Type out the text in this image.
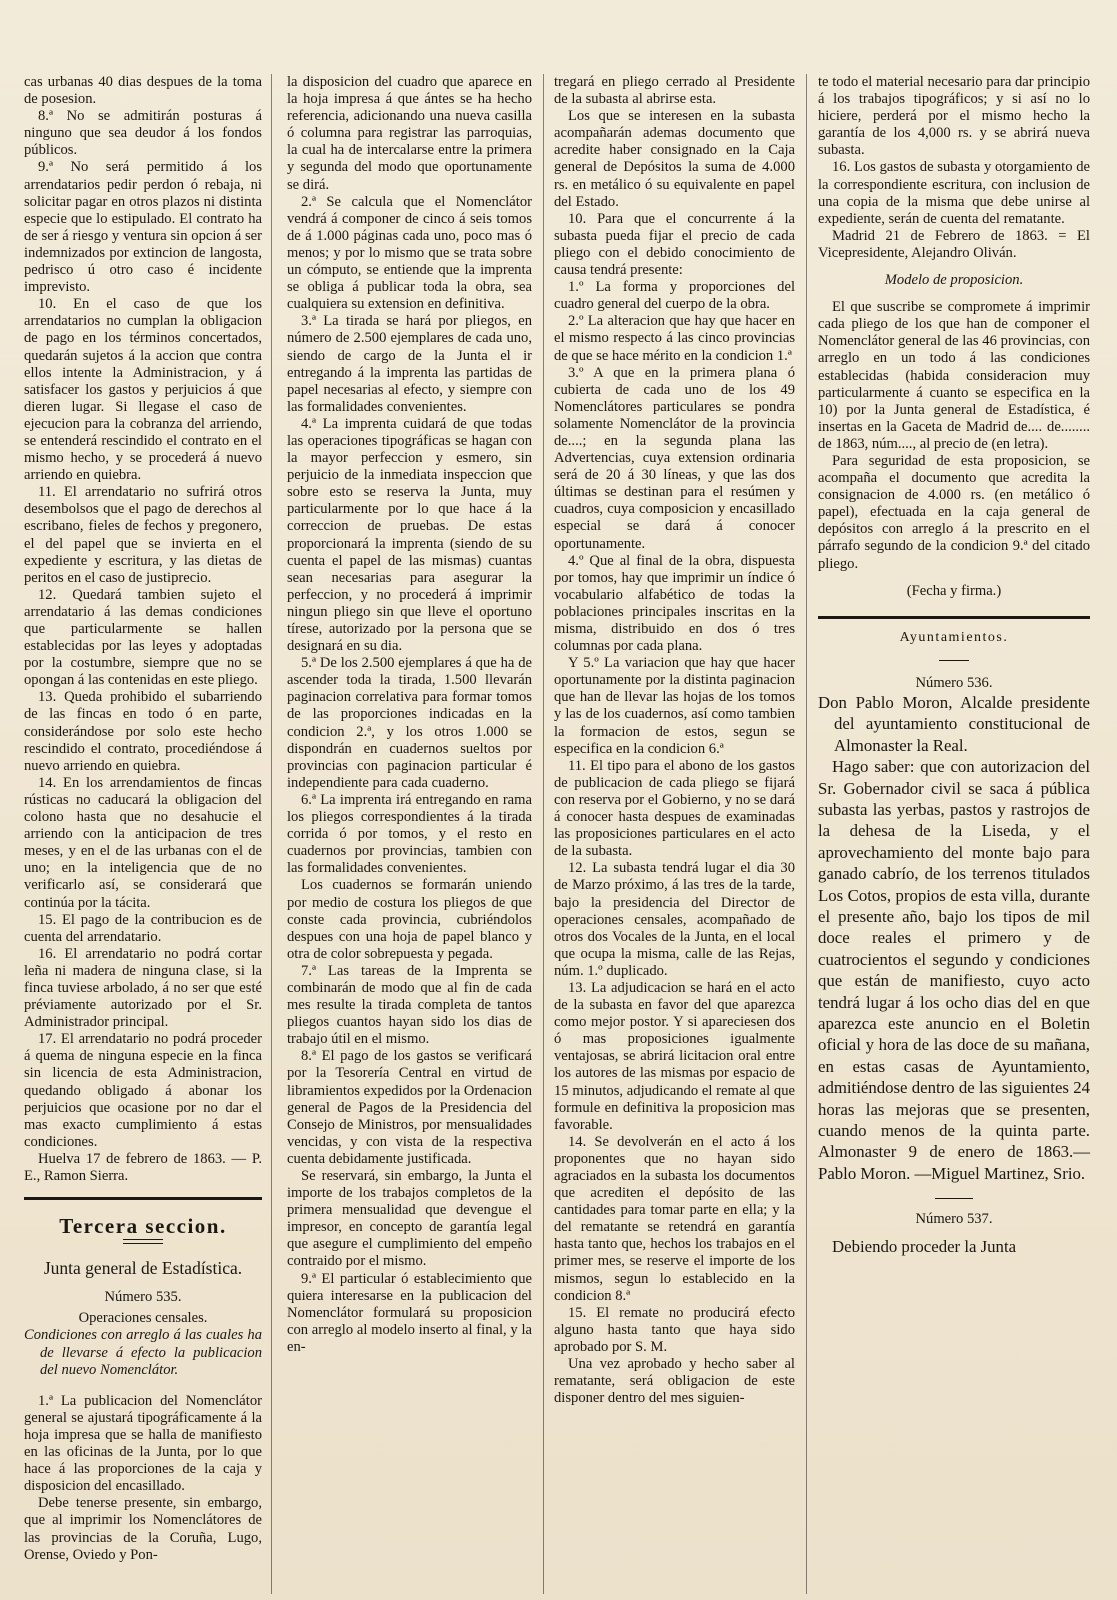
cas urbanas 40 dias despues de la toma de posesion.

8.ª No se admitirán posturas á ninguno que sea deudor á los fondos públicos.

9.ª No será permitido á los arrendatarios pedir perdon ó rebaja, ni solicitar pagar en otros plazos ni distinta especie que lo estipulado. El contrato ha de ser á riesgo y ventura sin opcion á ser indemnizados por extincion de langosta, pedrisco ú otro caso é incidente imprevisto.

10. En el caso de que los arrendatarios no cumplan la obligacion de pago en los términos concertados, quedarán sujetos á la accion que contra ellos intente la Administracion, y á satisfacer los gastos y perjuicios á que dieren lugar. Si llegase el caso de ejecucion para la cobranza del arriendo, se entenderá rescindido el contrato en el mismo hecho, y se procederá á nuevo arriendo en quiebra.

11. El arrendatario no sufrirá otros desembolsos que el pago de derechos al escribano, fieles de fechos y pregonero, el del papel que se invierta en el expediente y escritura, y las dietas de peritos en el caso de justiprecio.

12. Quedará tambien sujeto el arrendatario á las demas condiciones que particularmente se hallen establecidas por las leyes y adoptadas por la costumbre, siempre que no se opongan á las contenidas en este pliego.

13. Queda prohibido el subarriendo de las fincas en todo ó en parte, considerándose por solo este hecho rescindido el contrato, procediéndose á nuevo arriendo en quiebra.

14. En los arrendamientos de fincas rústicas no caducará la obligacion del colono hasta que no desahucie el arriendo con la anticipacion de tres meses, y en el de las urbanas con el de uno; en la inteligencia que de no verificarlo así, se considerará que continúa por la tácita.

15. El pago de la contribucion es de cuenta del arrendatario.

16. El arrendatario no podrá cortar leña ni madera de ninguna clase, si la finca tuviese arbolado, á no ser que esté préviamente autorizado por el Sr. Administrador principal.

17. El arrendatario no podrá proceder á quema de ninguna especie en la finca sin licencia de esta Administracion, quedando obligado á abonar los perjuicios que ocasione por no dar el mas exacto cumplimiento á estas condiciones.

Huelva 17 de febrero de 1863. — P. E., Ramon Sierra.

Tercera seccion.
Junta general de Estadística.
Número 535.
Operaciones censales.

Condiciones con arreglo á las cuales ha de llevarse á efecto la publicacion del nuevo Nomenclátor.

1.ª La publicacion del Nomenclátor general se ajustará tipográficamente á la hoja impresa que se halla de manifiesto en las oficinas de la Junta, por lo que hace á las proporciones de la caja y disposicion del encasillado.

Debe tenerse presente, sin embargo, que al imprimir los Nomenclátores de las provincias de la Coruña, Lugo, Orense, Oviedo y Pon-

la disposicion del cuadro que aparece en la hoja impresa á que ántes se ha hecho referencia, adicionando una nueva casilla ó columna para registrar las parroquias, la cual ha de intercalarse entre la primera y segunda del modo que oportunamente se dirá.

2.ª Se calcula que el Nomenclátor vendrá á componer de cinco á seis tomos de á 1.000 páginas cada uno, poco mas ó menos; y por lo mismo que se trata sobre un cómputo, se entiende que la imprenta se obliga á publicar toda la obra, sea cualquiera su extension en definitiva.

3.ª La tirada se hará por pliegos, en número de 2.500 ejemplares de cada uno, siendo de cargo de la Junta el ir entregando á la imprenta las partidas de papel necesarias al efecto, y siempre con las formalidades convenientes.

4.ª La imprenta cuidará de que todas las operaciones tipográficas se hagan con la mayor perfeccion y esmero, sin perjuicio de la inmediata inspeccion que sobre esto se reserva la Junta, muy particularmente por lo que hace á la correccion de pruebas. De estas proporcionará la imprenta (siendo de su cuenta el papel de las mismas) cuantas sean necesarias para asegurar la perfeccion, y no procederá á imprimir ningun pliego sin que lleve el oportuno tírese, autorizado por la persona que se designará en su dia.

5.ª De los 2.500 ejemplares á que ha de ascender toda la tirada, 1.500 llevarán paginacion correlativa para formar tomos de las proporciones indicadas en la condicion 2.ª, y los otros 1.000 se dispondrán en cuadernos sueltos por provincias con paginacion particular é independiente para cada cuaderno.

6.ª La imprenta irá entregando en rama los pliegos correspondientes á la tirada corrida ó por tomos, y el resto en cuadernos por provincias, tambien con las formalidades convenientes.

Los cuadernos se formarán uniendo por medio de costura los pliegos de que conste cada provincia, cubriéndolos despues con una hoja de papel blanco y otra de color sobrepuesta y pegada.

7.ª Las tareas de la Imprenta se combinarán de modo que al fin de cada mes resulte la tirada completa de tantos pliegos cuantos hayan sido los dias de trabajo útil en el mismo.

8.ª El pago de los gastos se verificará por la Tesorería Central en virtud de libramientos expedidos por la Ordenacion general de Pagos de la Presidencia del Consejo de Ministros, por mensualidades vencidas, y con vista de la respectiva cuenta debidamente justificada.

Se reservará, sin embargo, la Junta el importe de los trabajos completos de la primera mensualidad que devengue el impresor, en concepto de garantía legal que asegure el cumplimiento del empeño contraido por el mismo.

9.ª El particular ó establecimiento que quiera interesarse en la publicacion del Nomenclátor formulará su proposicion con arreglo al modelo inserto al final, y la en-

tregará en pliego cerrado al Presidente de la subasta al abrirse esta.

Los que se interesen en la subasta acompañarán ademas documento que acredite haber consignado en la Caja general de Depósitos la suma de 4.000 rs. en metálico ó su equivalente en papel del Estado.

10. Para que el concurrente á la subasta pueda fijar el precio de cada pliego con el debido conocimiento de causa tendrá presente:

1.º La forma y proporciones del cuadro general del cuerpo de la obra.

2.º La alteracion que hay que hacer en el mismo respecto á las cinco provincias de que se hace mérito en la condicion 1.ª

3.º A que en la primera plana ó cubierta de cada uno de los 49 Nomenclátores particulares se pondra solamente Nomenclátor de la provincia de....; en la segunda plana las Advertencias, cuya extension ordinaria será de 20 á 30 líneas, y que las dos últimas se destinan para el resúmen y cuadros, cuya composicion y encasillado especial se dará á conocer oportunamente.

4.º Que al final de la obra, dispuesta por tomos, hay que imprimir un índice ó vocabulario alfabético de todas la poblaciones principales inscritas en la misma, distribuido en dos ó tres columnas por cada plana.

Y 5.º La variacion que hay que hacer oportunamente por la distinta paginacion que han de llevar las hojas de los tomos y las de los cuadernos, así como tambien la formacion de estos, segun se especifica en la condicion 6.ª

11. El tipo para el abono de los gastos de publicacion de cada pliego se fijará con reserva por el Gobierno, y no se dará á conocer hasta despues de examinadas las proposiciones particulares en el acto de la subasta.

12. La subasta tendrá lugar el dia 30 de Marzo próximo, á las tres de la tarde, bajo la presidencia del Director de operaciones censales, acompañado de otros dos Vocales de la Junta, en el local que ocupa la misma, calle de las Rejas, núm. 1.º duplicado.

13. La adjudicacion se hará en el acto de la subasta en favor del que aparezca como mejor postor. Y si apareciesen dos ó mas proposiciones igualmente ventajosas, se abrirá licitacion oral entre los autores de las mismas por espacio de 15 minutos, adjudicando el remate al que formule en definitiva la proposicion mas favorable.

14. Se devolverán en el acto á los proponentes que no hayan sido agraciados en la subasta los documentos que acrediten el depósito de las cantidades para tomar parte en ella; y la del rematante se retendrá en garantía hasta tanto que, hechos los trabajos en el primer mes, se reserve el importe de los mismos, segun lo establecido en la condicion 8.ª

15. El remate no producirá efecto alguno hasta tanto que haya sido aprobado por S. M.

Una vez aprobado y hecho saber al rematante, será obligacion de este disponer dentro del mes siguien-

te todo el material necesario para dar principio á los trabajos tipográficos; y si así no lo hiciere, perderá por el mismo hecho la garantía de los 4,000 rs. y se abrirá nueva subasta.

16. Los gastos de subasta y otorgamiento de la correspondiente escritura, con inclusion de una copia de la misma que debe unirse al expediente, serán de cuenta del rematante.

Madrid 21 de Febrero de 1863. = El Vicepresidente, Alejandro Oliván.

Modelo de proposicion.

El que suscribe se compromete á imprimir cada pliego de los que han de componer el Nomenclátor general de las 46 provincias, con arreglo en un todo á las condiciones establecidas (habida consideracion muy particularmente á cuanto se especifica en la 10) por la Junta general de Estadística, é insertas en la Gaceta de Madrid de.... de........ de 1863, núm...., al precio de (en letra).

Para seguridad de esta proposicion, se acompaña el documento que acredita la consignacion de 4.000 rs. (en metálico ó papel), efectuada en la caja general de depósitos con arreglo á la prescrito en el párrafo segundo de la condicion 9.ª del citado pliego.

(Fecha y firma.)

Ayuntamientos.
Número 536.

Don Pablo Moron, Alcalde presidente del ayuntamiento constitucional de Almonaster la Real.

Hago saber: que con autorizacion del Sr. Gobernador civil se saca á pública subasta las yerbas, pastos y rastrojos de la dehesa de la Liseda, y el aprovechamiento del monte bajo para ganado cabrío, de los terrenos titulados Los Cotos, propios de esta villa, durante el presente año, bajo los tipos de mil doce reales el primero y de cuatrocientos el segundo y condiciones que están de manifiesto, cuyo acto tendrá lugar á los ocho dias del en que aparezca este anuncio en el Boletin oficial y hora de las doce de su mañana, en estas casas de Ayuntamiento, admitiéndose dentro de las siguientes 24 horas las mejoras que se presenten, cuando menos de la quinta parte. Almonaster 9 de enero de 1863.— Pablo Moron. —Miguel Martinez, Srio.

Número 537.

Debiendo proceder la Junta
